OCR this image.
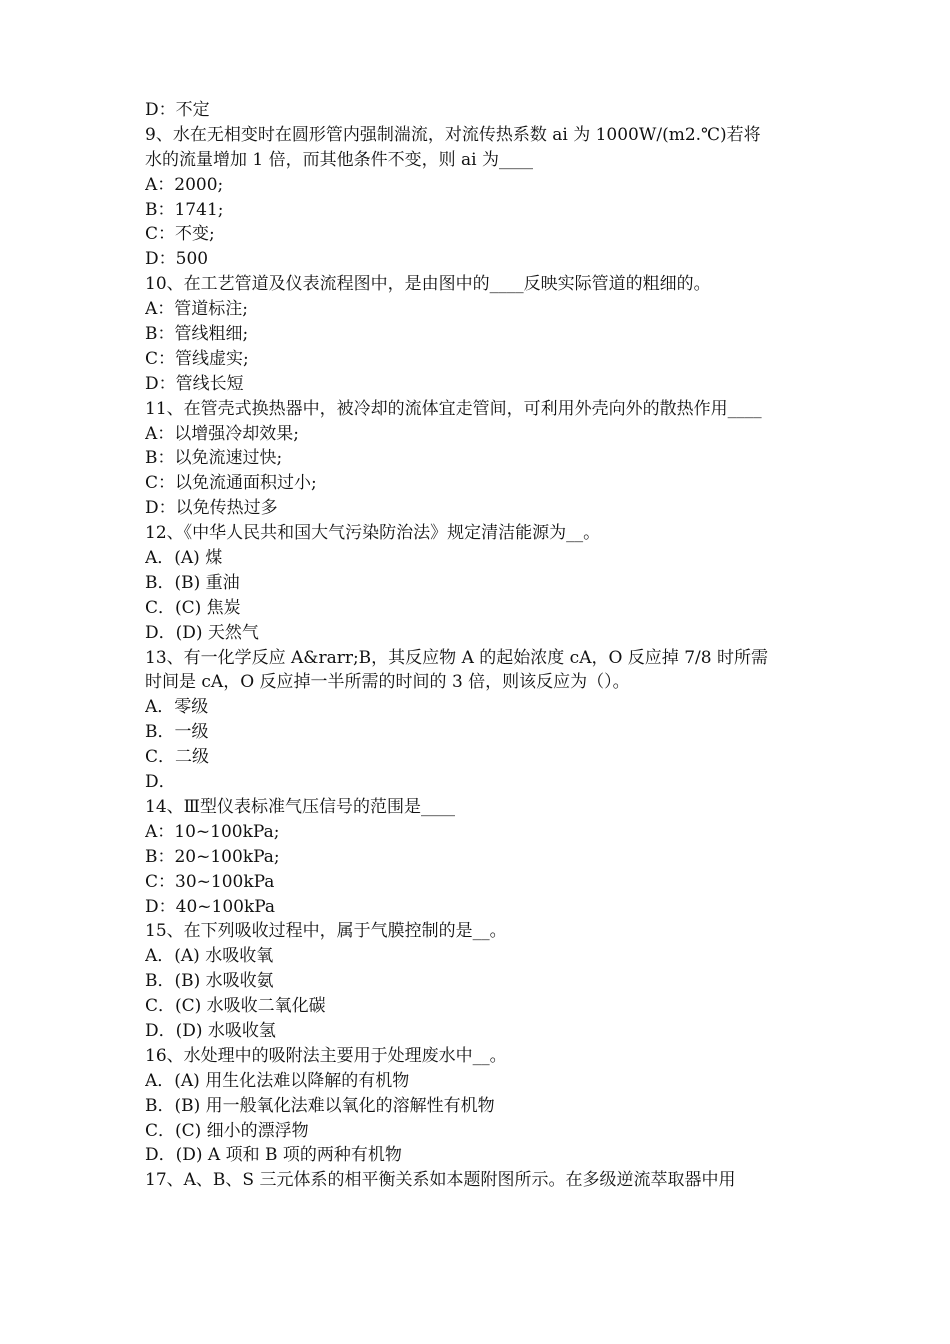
D：不定
9、水在无相变时在圆形管内强制湍流，对流传热系数 ai 为 1000W/(m2.℃)若将
水的流量增加 1 倍，而其他条件不变，则 ai 为____
A：2000;
B：1741;
C：不变;
D：500
10、在工艺管道及仪表流程图中，是由图中的____反映实际管道的粗细的。
A：管道标注;
B：管线粗细;
C：管线虚实;
D：管线长短
11、在管壳式换热器中，被冷却的流体宜走管间，可利用外壳向外的散热作用____
A：以增强冷却效果;
B：以免流速过快;
C：以免流通面积过小;
D：以免传热过多
12、《中华人民共和国大气污染防治法》规定清洁能源为__。
A．(A) 煤
B．(B) 重油
C．(C) 焦炭
D．(D) 天然气
13、有一化学反应 A&rarr;B，其反应物 A 的起始浓度 cA，O 反应掉 7/8 时所需
时间是 cA，O 反应掉一半所需的时间的 3 倍，则该反应为（）。
A．零级
B．一级
C．二级
D．
14、Ⅲ型仪表标准气压信号的范围是____
A：10~100kPa;
B：20~100kPa;
C：30~100kPa
D：40~100kPa
15、在下列吸收过程中，属于气膜控制的是__。
A．(A) 水吸收氧
B．(B) 水吸收氨
C．(C) 水吸收二氧化碳
D．(D) 水吸收氢
16、水处理中的吸附法主要用于处理废水中__。
A．(A) 用生化法难以降解的有机物
B．(B) 用一般氧化法难以氧化的溶解性有机物
C．(C) 细小的漂浮物
D．(D) A 项和 B 项的两种有机物
17、A、B、S 三元体系的相平衡关系如本题附图所示。在多级逆流萃取器中用
